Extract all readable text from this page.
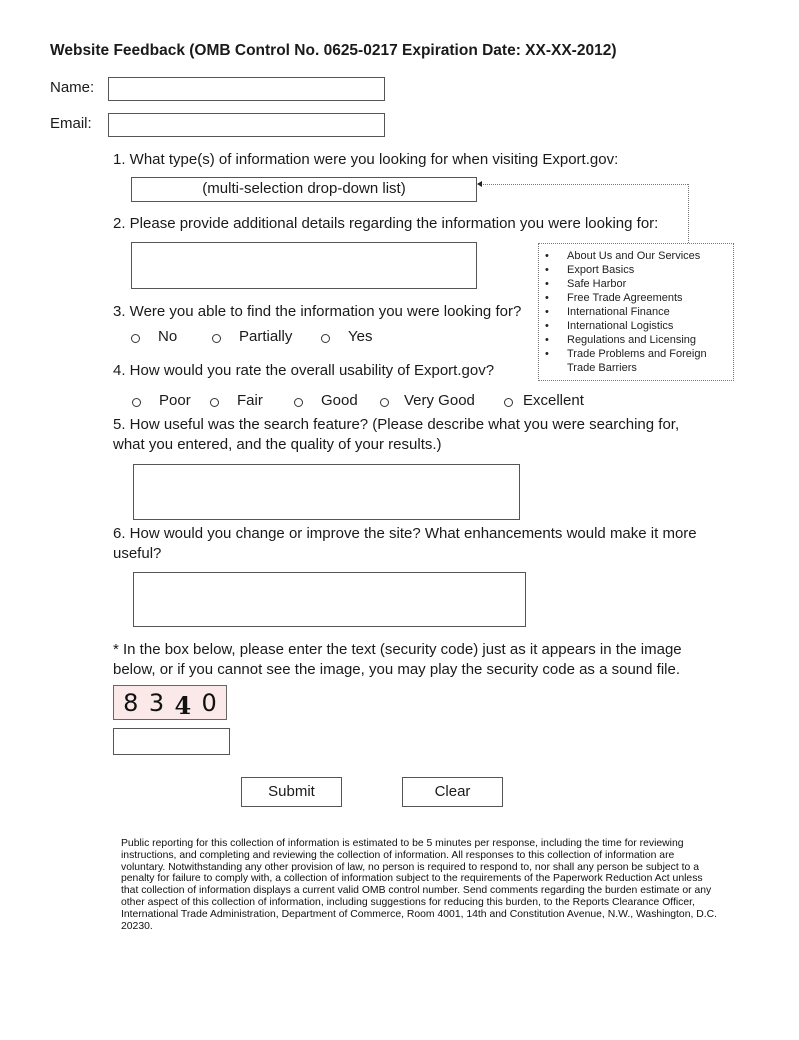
Website Feedback (OMB Control No. 0625-0217 Expiration Date: XX-XX-2012)
Name:
Email:
1. What type(s) of information were you looking for when visiting Export.gov:
(multi-selection drop-down list)
2. Please provide additional details regarding the information you were looking for:
• About Us and Our Services
• Export Basics
• Safe Harbor
• Free Trade Agreements
• International Finance
• International Logistics
• Regulations and Licensing
• Trade Problems and Foreign Trade Barriers
3. Were you able to find the information you were looking for?
No	Partially	Yes
4. How would you rate the overall usability of Export.gov?
Poor	Fair	Good	Very Good	Excellent
5. How useful was the search feature? (Please describe what you were searching for, what you entered, and the quality of your results.)
6. How would you change or improve the site? What enhancements would make it more useful?
* In the box below, please enter the text (security code) just as it appears in the image below, or if you cannot see the image, you may play the security code as a sound file.
8 3 4 0
Submit	Clear
Public reporting for this collection of information is estimated to be 5 minutes per response, including the time for reviewing instructions, and completing and reviewing the collection of information. All responses to this collection of information are voluntary. Notwithstanding any other provision of law, no person is required to respond to, nor shall any person be subject to a penalty for failure to comply with, a collection of information subject to the requirements of the Paperwork Reduction Act unless that collection of information displays a current valid OMB control number. Send comments regarding the burden estimate or any other aspect of this collection of information, including suggestions for reducing this burden, to the Reports Clearance Officer, International Trade Administration, Department of Commerce, Room 4001, 14th and Constitution Avenue, N.W., Washington, D.C. 20230.
